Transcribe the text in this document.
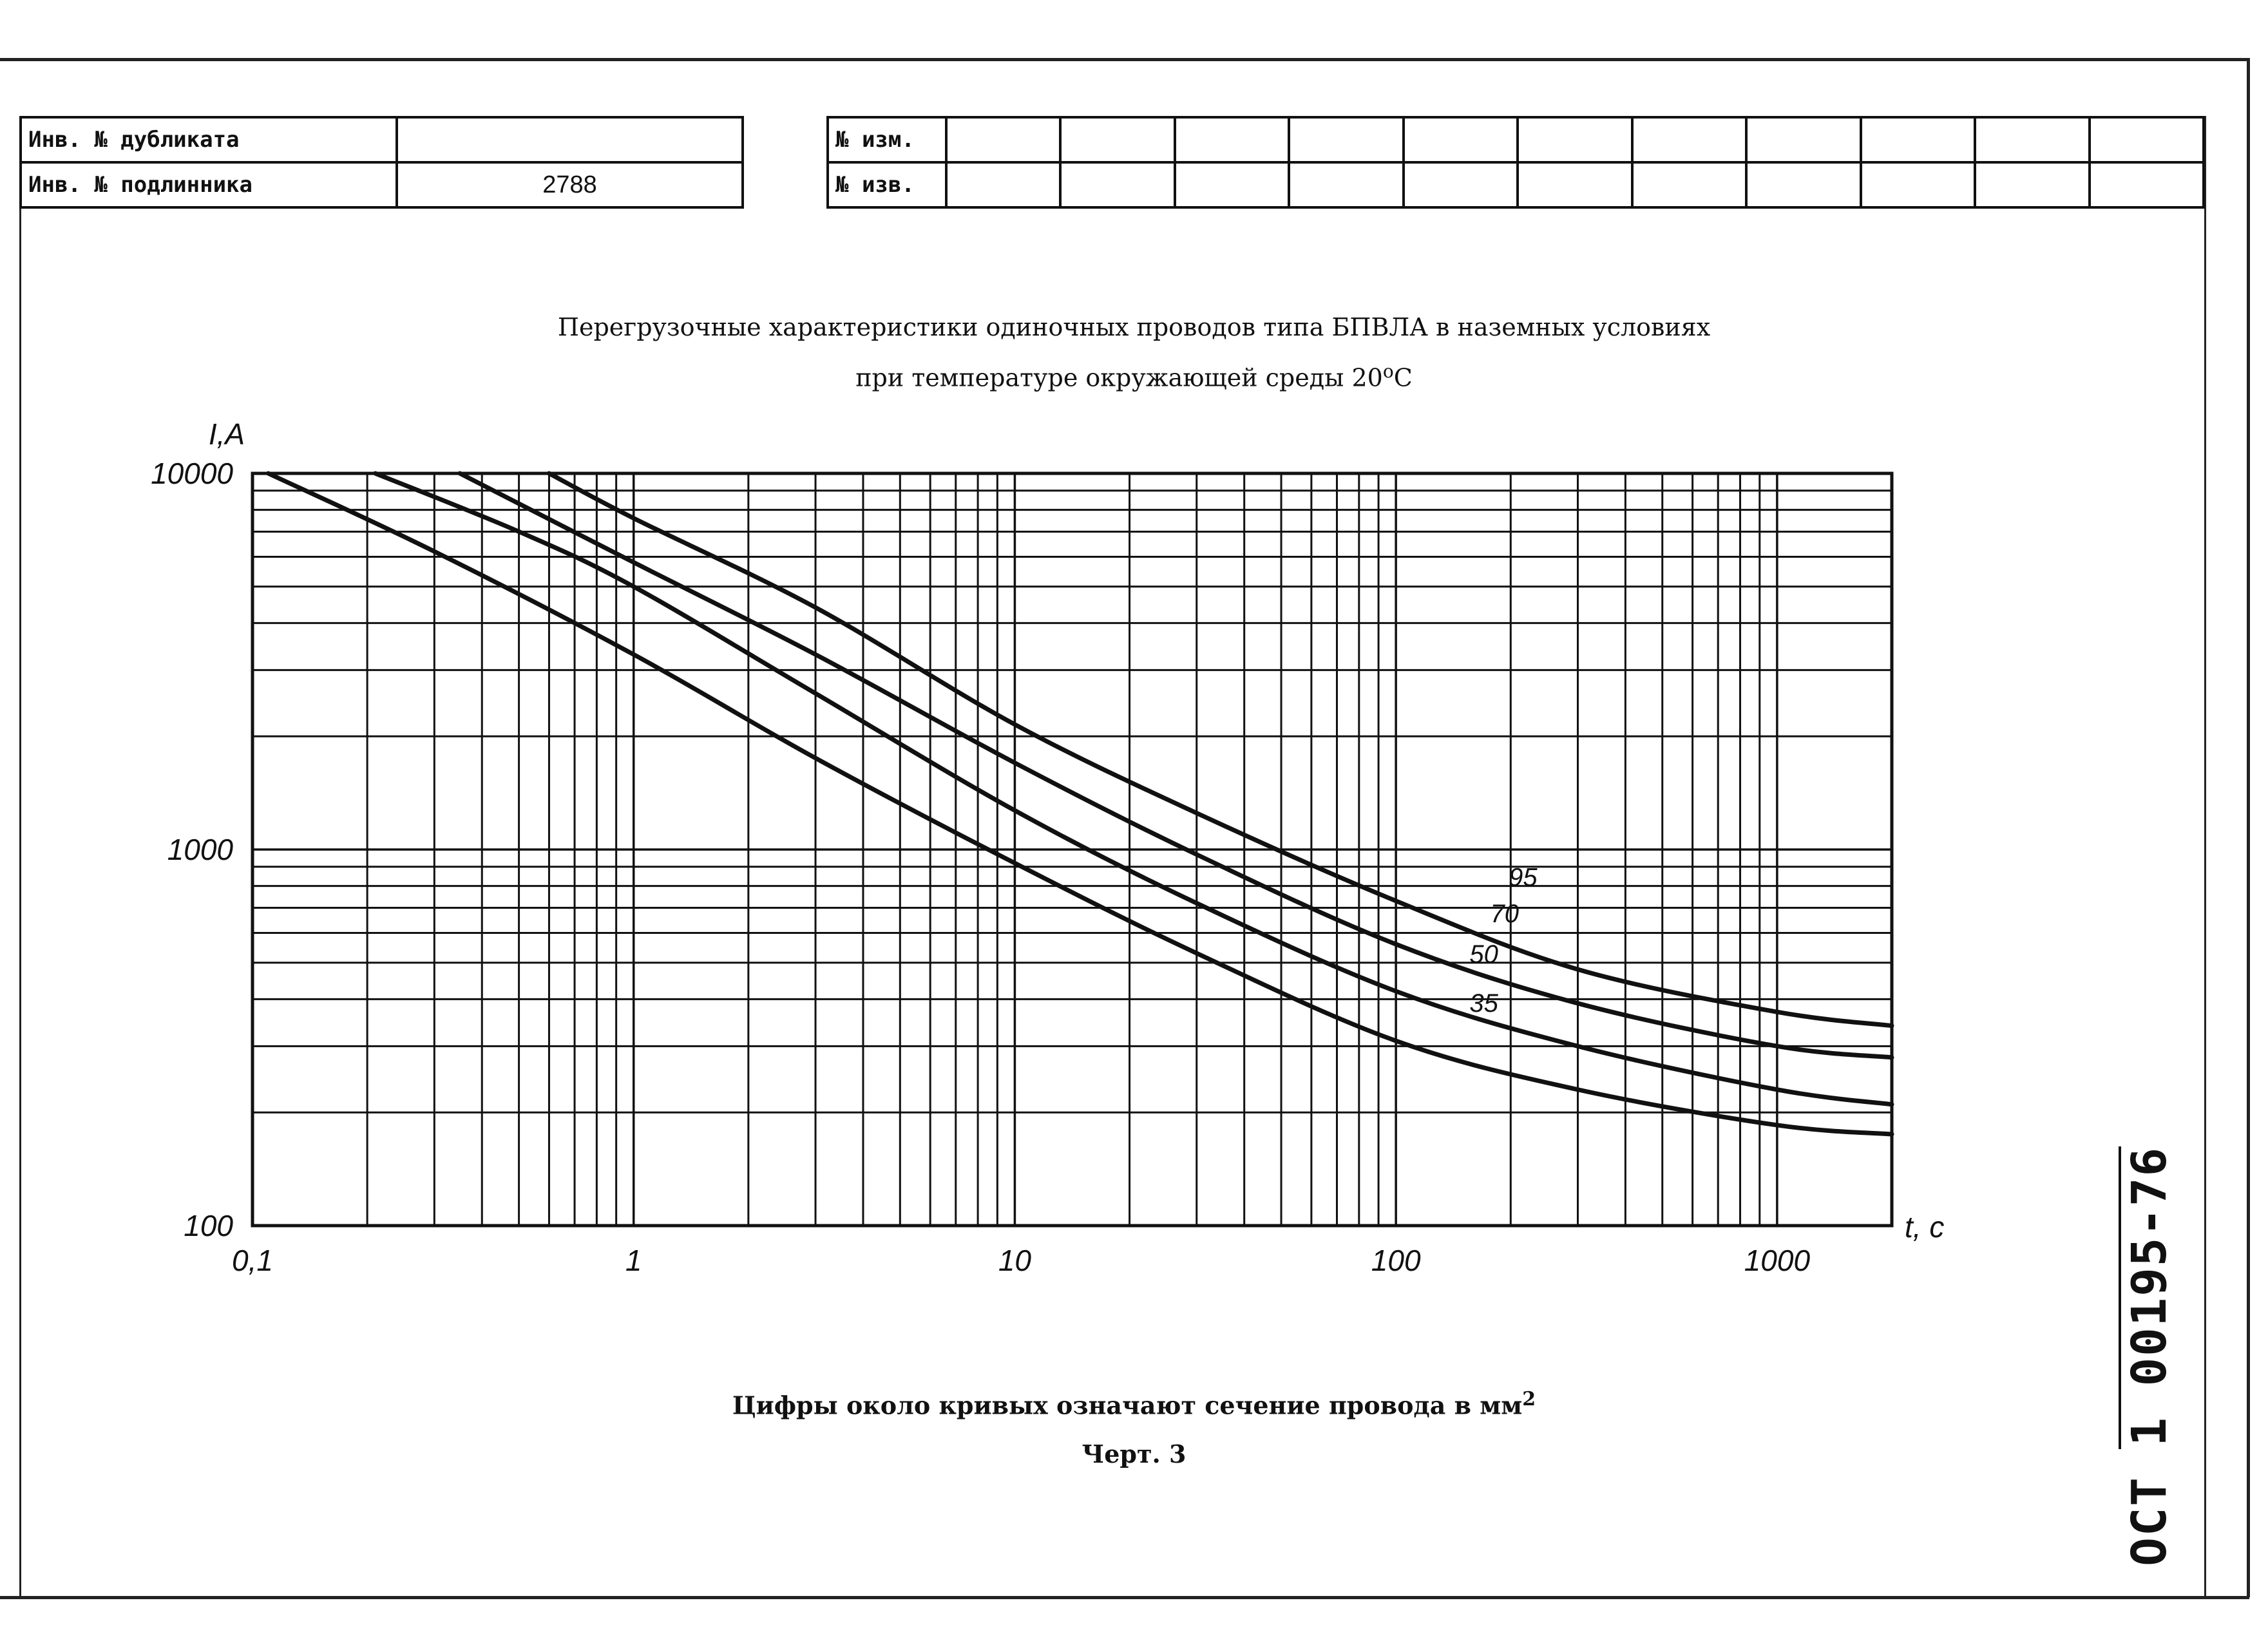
Инв. № дубликата	
Инв. № подлинника	2788
№ изм.											
№ изв.											
Перегрузочные характеристики одиночных проводов типа БПВЛА в наземных условиях
при температуре окружающей среды 20$^o$C
35
50
70
95
0,1	1	10	100	1000
100
1000
10000
I,A
t, c
Цифры около кривых означают сечение провода в $мм^2$
Черт. 3	ОСТ 1 00195-76
